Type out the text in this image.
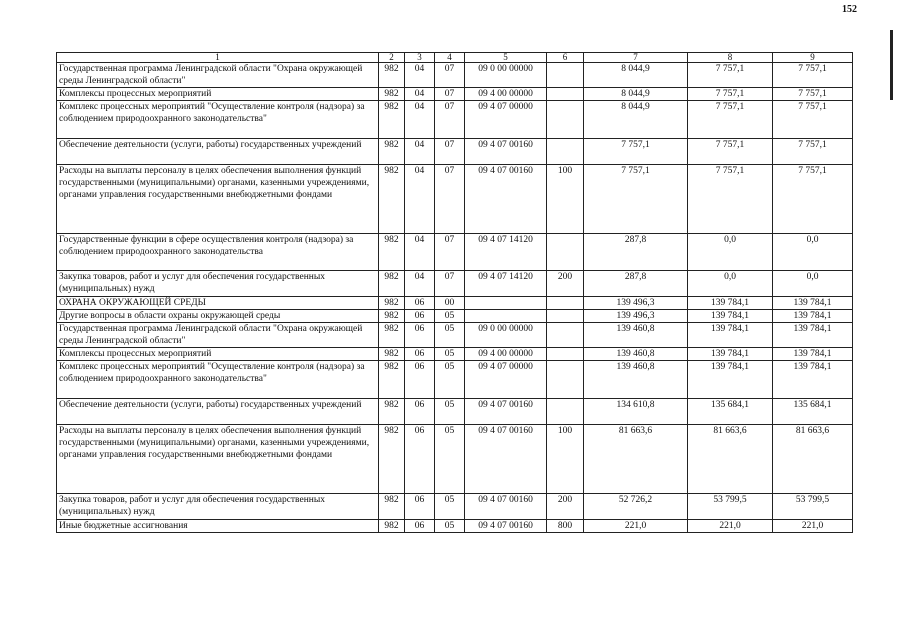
152
1	2	3	4	5	6	7	8	9
Государственная программа Ленинградской области "Охрана окружающей среды Ленинградской области"	982	04	07	09 0 00 00000		8 044,9	7 757,1	7 757,1
Комплексы процессных мероприятий	982	04	07	09 4 00 00000		8 044,9	7 757,1	7 757,1
Комплекс процессных мероприятий "Осуществление контроля (надзора) за соблюдением природоохранного законодательства"	982	04	07	09 4 07 00000		8 044,9	7 757,1	7 757,1
Обеспечение деятельности (услуги, работы) государственных учреждений	982	04	07	09 4 07 00160		7 757,1	7 757,1	7 757,1
Расходы на выплаты персоналу в целях обеспечения выполнения функций государственными (муниципальными) органами, казенными учреждениями, органами управления государственными внебюджетными фондами	982	04	07	09 4 07 00160	100	7 757,1	7 757,1	7 757,1
Государственные функции в сфере осуществления контроля (надзора) за соблюдением природоохранного законодательства	982	04	07	09 4 07 14120		287,8	0,0	0,0
Закупка товаров, работ и услуг для обеспечения государственных (муниципальных) нужд	982	04	07	09 4 07 14120	200	287,8	0,0	0,0
ОХРАНА ОКРУЖАЮЩЕЙ СРЕДЫ	982	06	00			139 496,3	139 784,1	139 784,1
Другие вопросы в области охраны окружающей среды	982	06	05			139 496,3	139 784,1	139 784,1
Государственная программа Ленинградской области "Охрана окружающей среды Ленинградской области"	982	06	05	09 0 00 00000		139 460,8	139 784,1	139 784,1
Комплексы процессных мероприятий	982	06	05	09 4 00 00000		139 460,8	139 784,1	139 784,1
Комплекс процессных мероприятий "Осуществление контроля (надзора) за соблюдением природоохранного законодательства"	982	06	05	09 4 07 00000		139 460,8	139 784,1	139 784,1
Обеспечение деятельности (услуги, работы) государственных учреждений	982	06	05	09 4 07 00160		134 610,8	135 684,1	135 684,1
Расходы на выплаты персоналу в целях обеспечения выполнения функций государственными (муниципальными) органами, казенными учреждениями, органами управления государственными внебюджетными фондами	982	06	05	09 4 07 00160	100	81 663,6	81 663,6	81 663,6
Закупка товаров, работ и услуг для обеспечения государственных (муниципальных) нужд	982	06	05	09 4 07 00160	200	52 726,2	53 799,5	53 799,5
Иные бюджетные ассигнования	982	06	05	09 4 07 00160	800	221,0	221,0	221,0
